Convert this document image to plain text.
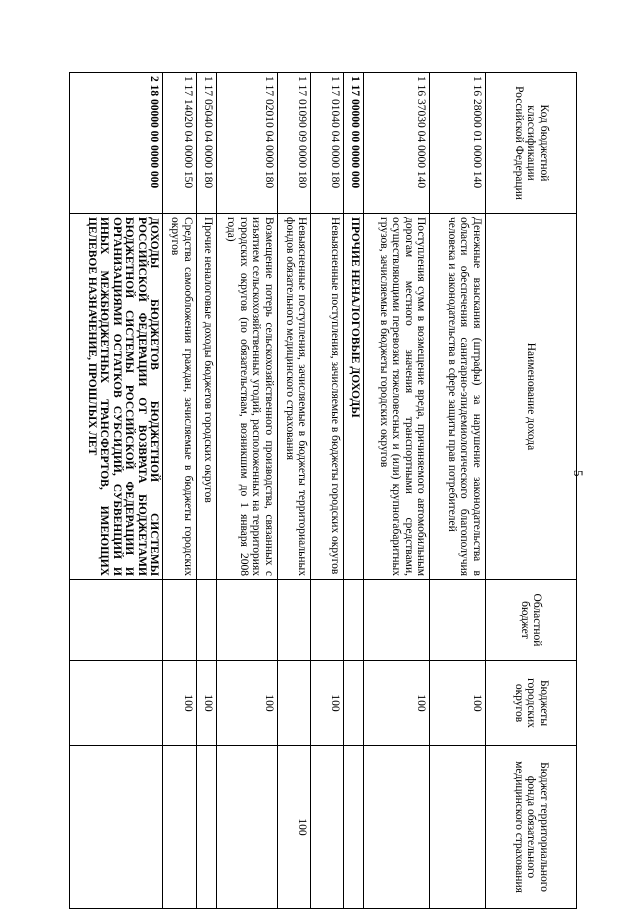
5
Код бюджетной классификации Российской Федерации	Наименование дохода	Областной бюджет	Бюджеты городских округов	Бюджет территориального фонда обязательного медицинского страхования
1 16 28000 01 0000 140	Денежные взыскания (штрафы) за нарушение законодательства в области обеспечения санитарно-эпидемиологического благополучия человека и законодательства в сфере защиты прав потребителей		100	
1 16 37030 04 0000 140	Поступления сумм в возмещение вреда, причиняемого автомобильным дорогам местного значения транспортными средствами, осуществляющими перевозки тяжеловесных и (или) крупногабаритных грузов, зачисляемые в бюджеты городских округов		100	
1 17 00000 00 0000 000	ПРОЧИЕ НЕНАЛОГОВЫЕ ДОХОДЫ			
1 17 01040 04 0000 180	Невыясненные поступления, зачисляемые в бюджеты городских округов		100	
1 17 01090 09 0000 180	Невыясненные поступления, зачисляемые в бюджеты территориальных фондов обязательного медицинского страхования			100
1 17 02010 04 0000 180	Возмещение потерь сельскохозяйственного производства, связанных с изъятием сельскохозяйственных угодий, расположенных на территориях городских округов (по обязательствам, возникшим до 1 января 2008 года)		100	
1 17 05040 04 0000 180	Прочие неналоговые доходы бюджетов городских округов		100	
1 17 14020 04 0000 150	Средства самообложения граждан, зачисляемые в бюджеты городских округов		100	
2 18 00000 00 0000 000	ДОХОДЫ БЮДЖЕТОВ БЮДЖЕТНОЙ СИСТЕМЫ РОССИЙСКОЙ ФЕДЕРАЦИИ ОТ ВОЗВРАТА БЮДЖЕТАМИ БЮДЖЕТНОЙ СИСТЕМЫ РОССИЙСКОЙ ФЕДЕРАЦИИ И ОРГАНИЗАЦИЯМИ ОСТАТКОВ СУБСИДИЙ, СУБВЕНЦИЙ И ИНЫХ МЕЖБЮДЖЕТНЫХ ТРАНСФЕРТОВ, ИМЕЮЩИХ ЦЕЛЕВОЕ НАЗНАЧЕНИЕ, ПРОШЛЫХ ЛЕТ			
